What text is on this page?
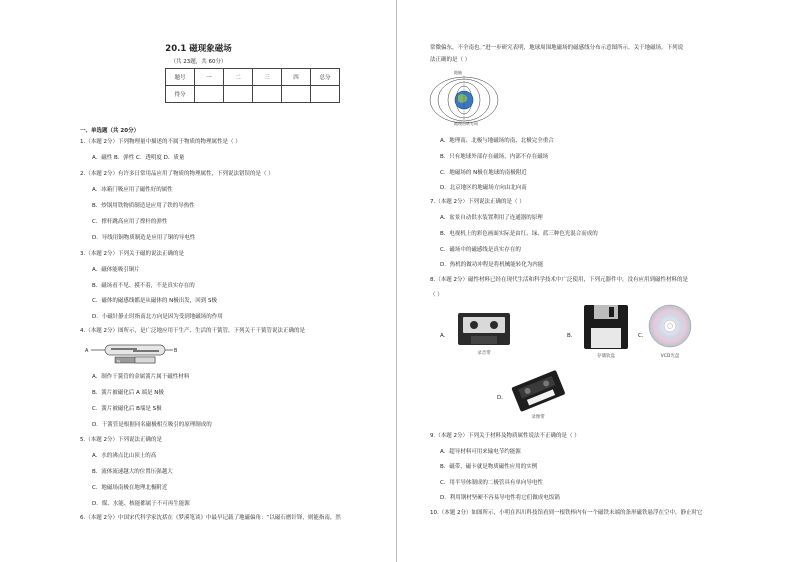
20.1 磁现象磁场
（共 23题，共 60分）
题号	一	二	三	四	总分
得分					
一、单选题（共 20分）
1.（本题 2分）下列物理量中描述的不属于物质的物理属性是（ ）
A．磁性 B．弹性 C．透明度 D．质量
2.（本题 2分）有许多日常用品应用了物质的物理属性，下列说法错误的是（ ）
A．冰箱门吸应用了磁性好的属性
B．炒锅用铁物质制造是应用了铁的导热性
C．撑杆跳高应用了撑杆的弹性
D．导线用铜物质制造是应用了铜的导电性
3.（本题 2分）下列关于磁的说法正确的是
A．磁体能吸引铜片
B．磁场看不见、摸不着，不是真实存在的
C．磁体的磁感线都是从磁体的 N极出发，回到 S极
D．小磁针静止时指南北方向是因为受到地磁场的作用
4.（本题 2分）图所示，是广泛地应用于生产、生活的干簧管，下列关于干簧管说法正确的是
A	B
N
A．制作干簧管的金属簧片属于磁性材料
B．簧片被磁化后 A 端是 N极
C．簧片被磁化后 B端是 S极
D．干簧管是根据同名磁极相互吸引的原理制成的
5.（本题 2分）下列说法正确的是
A．水的沸点比山顶上的高
B．流体流速越大的位置压强越大
C．地磁场南极在地理北极附近
D．煤、水能、核能都属于不可再生能源
6.（本题 2分）中国宋代科学家沈括在《梦溪笔谈》中最早记载了地磁偏角：“以磁石磨针锋，则能指南，然
常微偏东，不全南也。”进一步研究表明，地球周围地磁场的磁感线分布示意图所示。关于地磁场，下列说
法正确的是（ ）
地轴
地理自转方向
A．地理南、北极与地磁场的南、北极完全重合
B．只有地球外部存在磁场，内部不存在磁场
C．地磁场的 N极在地球的南极附近
D．北京地区的地磁场方向由北向南
7.（本题 2分）下列说法正确的是（ ）
A．盆景自动供水装置利用了连通器的原理
B．电视机上的彩色画面实际是由红、绿、蓝三种色光混合而成的
C．磁场中的磁感线是真实存在的
D．热机的做功冲程是将机械能转化为内能
8.（本题 2分）磁性材料已经在现代生活和科学技术中广泛使用，下列元器件中，没有应用到磁性材料的是
（ ）
A．
录音带
B．
存储软盘
C．
VCD光盘
D．
录像带
9.（本题 2分）下列关于材料及物质属性说法不正确的是（ ）
A．超导材料可用来输电节约能源
B．磁带、磁卡就是物质磁性应用的实例
C．用半导体制成的二极管具有单向导电性
D．利用钢材坚硬不容易导电性将它们做成电饭锅
10.（本题 2分）如图所示，小明在四川科技馆看到一根铁棒内有一个磁铁末端的条形磁铁悬浮在空中，静止时它
